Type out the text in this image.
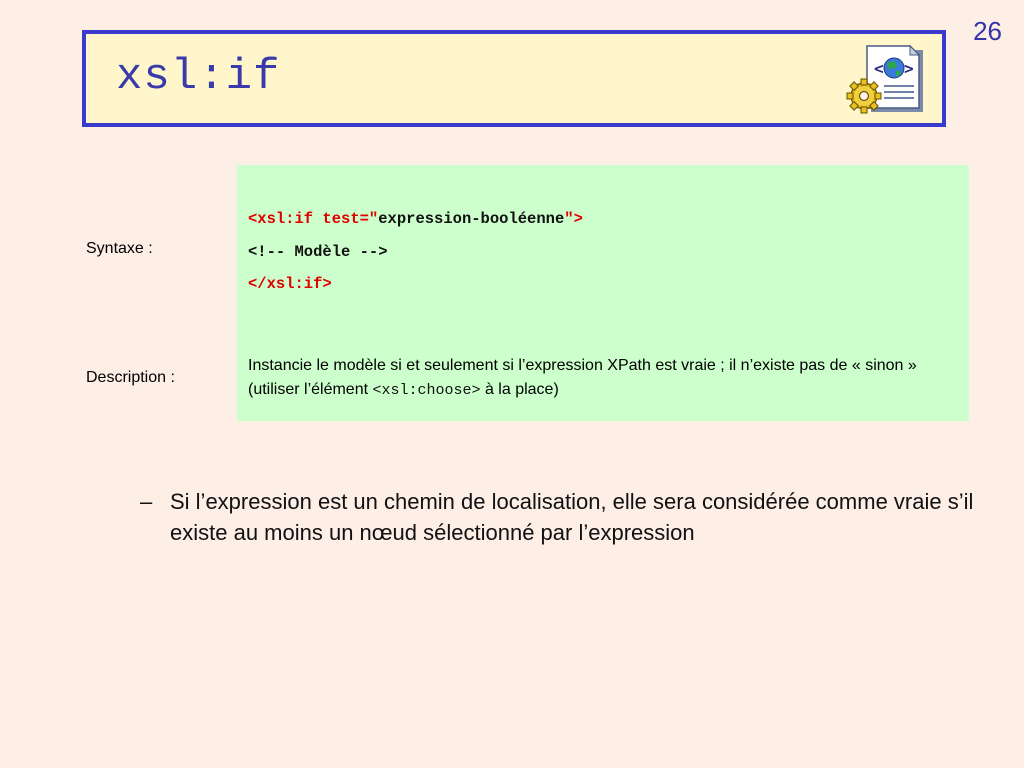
26
xsl:if	< >
Syntaxe :
<xsl:if test="expression-booléenne">
<!-- Modèle -->
</xsl:if>
Description :
Instancie le modèle si et seulement si l’expression XPath est vraie ; il n’existe pas de « sinon » (utiliser l’élément <xsl:choose> à la place)
– Si l’expression est un chemin de localisation, elle sera considérée comme vraie s’il existe au moins un nœud sélectionné par l’expression
